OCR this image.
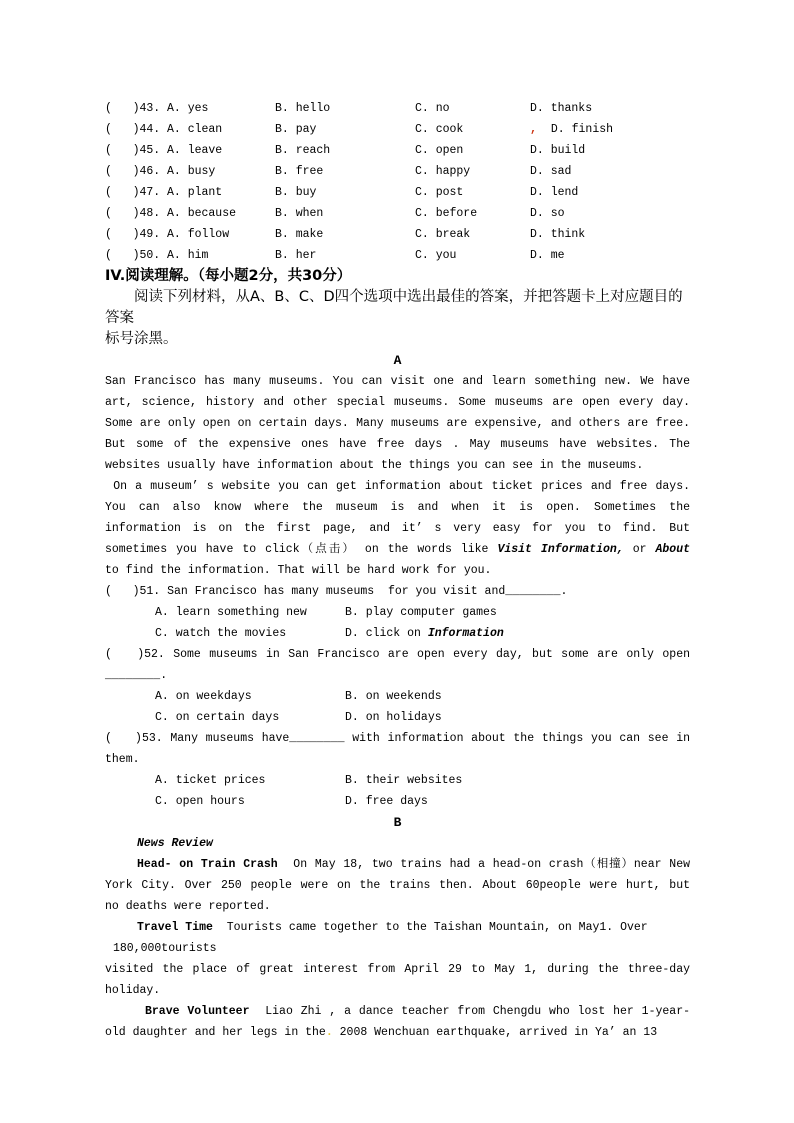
(   )43. A. yes	B. hello	C. no	D. thanks
(   )44. A. clean	B. pay	C. cook	, D. finish
(   )45. A. leave	B. reach	C. open	D. build
(   )46. A. busy	B. free	C. happy	D. sad
(   )47. A. plant	B. buy	C. post	D. lend
(   )48. A. because	B. when	C. before	D. so
(   )49. A. follow	B. make	C. break	D. think
(   )50. A. him	B. her	C. you	D. me
IV.阅读理解。（每小题2分，共30分）
阅读下列材料，从A、B、C、D四个选项中选出最佳的答案，并把答题卡上对应题目的答案
标号涂黑。
A
San Francisco has many museums. You can visit one and learn something new. We have
art, science, history and other special museums. Some museums are open every day.
Some are only open on certain days. Many museums are expensive, and others are free.
But some of the expensive ones have free days . May museums have websites. The
websites usually have information about the things you can see in the museums.
On a museum’ s website you can get information about ticket prices and free days.
You can also know where the museum is and when it is open. Sometimes the
information is on the first page, and it’ s very easy for you to find. But
sometimes you have to click（点击） on the words like Visit Information, or About
to find the information. That will be hard work for you.
(   )51. San Francisco has many museums  for you visit and________.
A. learn something new	B. play computer games
C. watch the movies	D. click on Information
(   )52. Some museums in San Francisco are open every day, but some are only open
________.
A. on weekdays	B. on weekends
C. on certain days	D. on holidays
(   )53. Many museums have________ with information about the things you can see in
them.
A. ticket prices	B. their websites
C. open hours	D. free days
B
News Review
Head- on Train Crash  On May 18, two trains had a head-on crash（相撞）near New
York City. Over 250 people were on the trains then. About 60people were hurt, but
no deaths were reported.
Travel Time  Tourists came together to the Taishan Mountain, on May1. Over
180,000tourists
visited the place of great interest from April 29 to May 1, during the three-day
holiday.
Brave Volunteer  Liao Zhi , a dance teacher from Chengdu who lost her 1-year-
old daughter and her legs in the. 2008 Wenchuan earthquake, arrived in Ya’ an 13
